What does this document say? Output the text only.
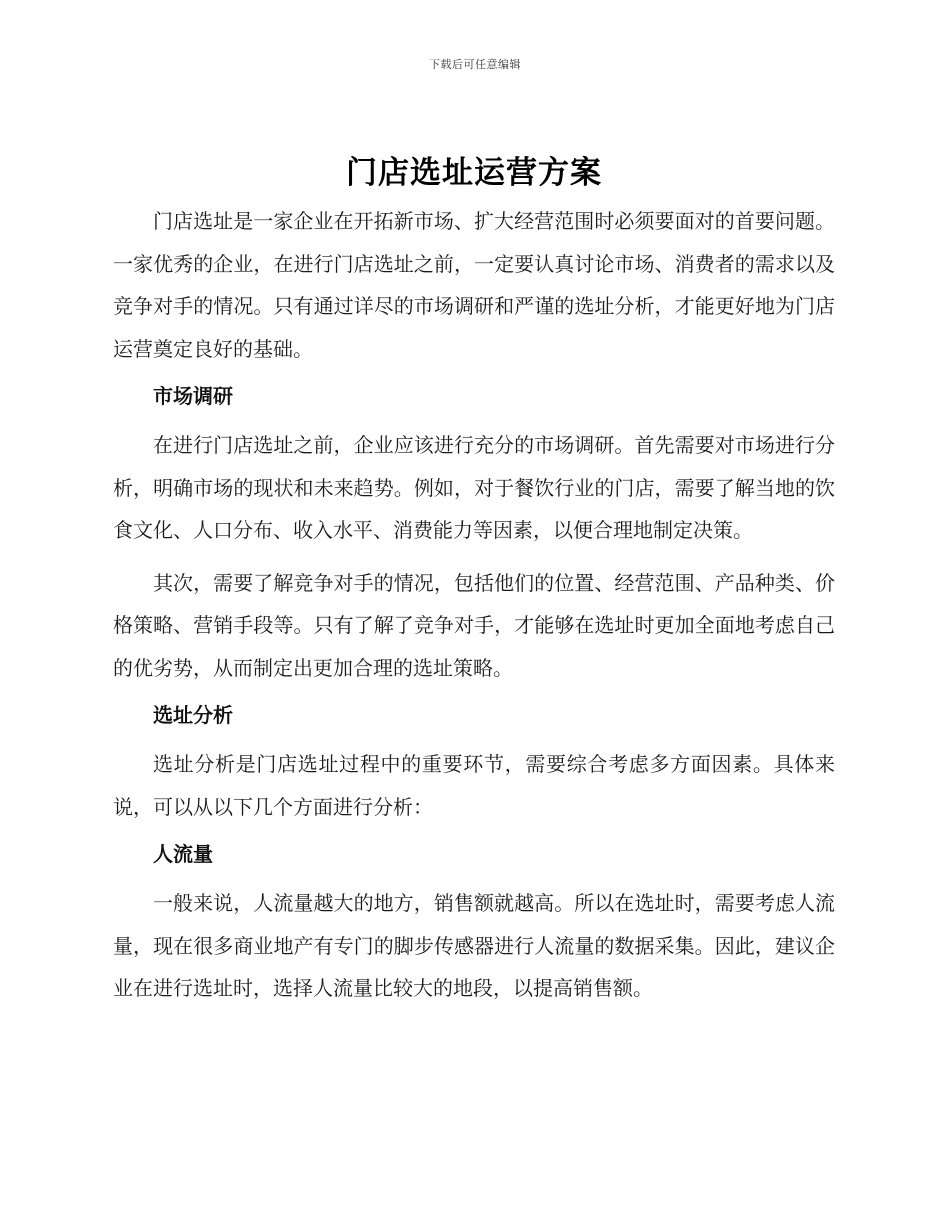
下载后可任意编辑
门店选址运营方案

门店选址是一家企业在开拓新市场、扩大经营范围时必须要面对的首要问题。一家优秀的企业，在进行门店选址之前，一定要认真讨论市场、消费者的需求以及竞争对手的情况。只有通过详尽的市场调研和严谨的选址分析，才能更好地为门店运营奠定良好的基础。

市场调研

在进行门店选址之前，企业应该进行充分的市场调研。首先需要对市场进行分析，明确市场的现状和未来趋势。例如，对于餐饮行业的门店，需要了解当地的饮食文化、人口分布、收入水平、消费能力等因素，以便合理地制定决策。

其次，需要了解竞争对手的情况，包括他们的位置、经营范围、产品种类、价格策略、营销手段等。只有了解了竞争对手，才能够在选址时更加全面地考虑自己的优劣势，从而制定出更加合理的选址策略。

选址分析

选址分析是门店选址过程中的重要环节，需要综合考虑多方面因素。具体来说，可以从以下几个方面进行分析：

人流量

一般来说，人流量越大的地方，销售额就越高。所以在选址时，需要考虑人流量，现在很多商业地产有专门的脚步传感器进行人流量的数据采集。因此，建议企业在进行选址时，选择人流量比较大的地段，以提高销售额。
